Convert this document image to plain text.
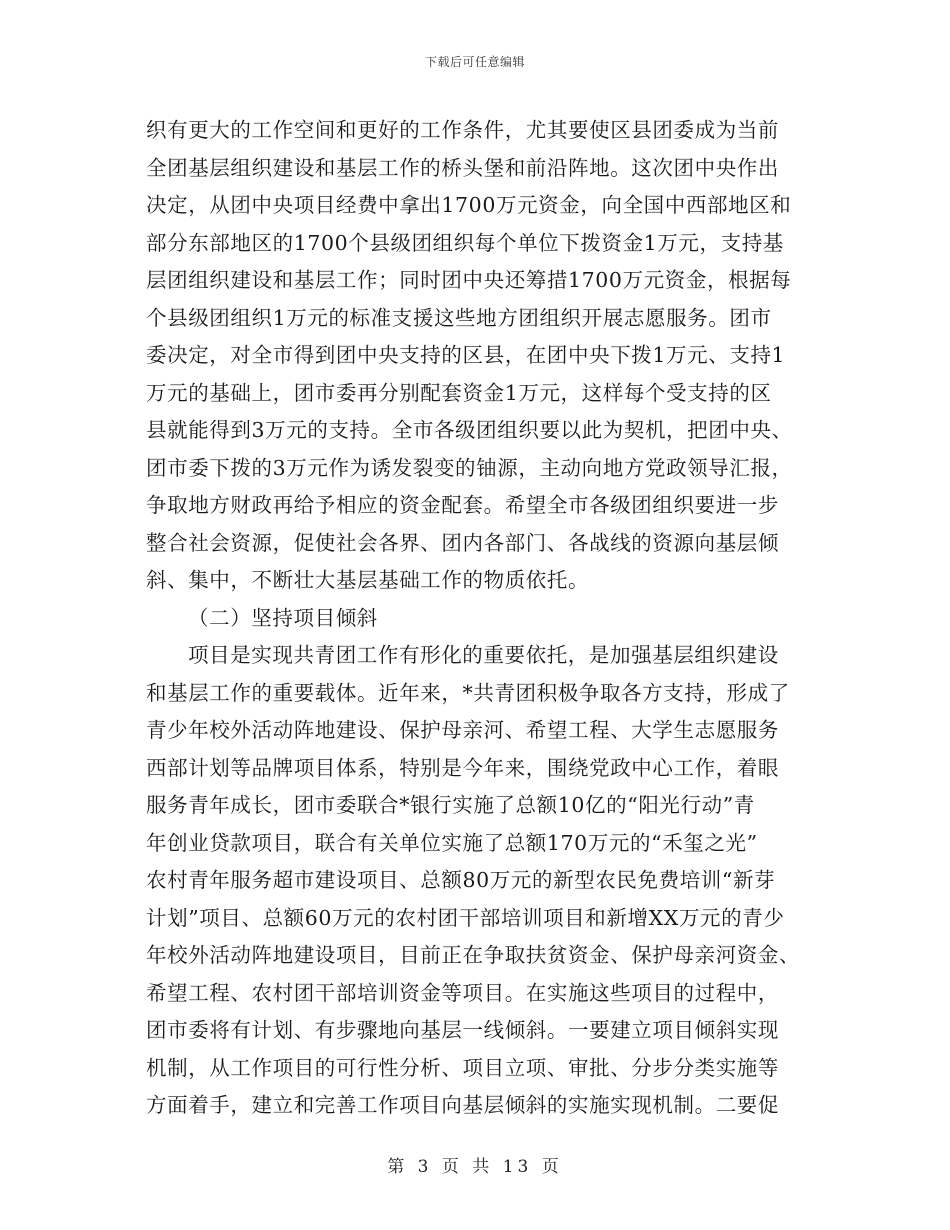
下载后可任意编辑
织有更大的工作空间和更好的工作条件，尤其要使区县团委成为当前
全团基层组织建设和基层工作的桥头堡和前沿阵地。这次团中央作出
决定，从团中央项目经费中拿出1700万元资金，向全国中西部地区和
部分东部地区的1700个县级团组织每个单位下拨资金1万元，支持基
层团组织建设和基层工作；同时团中央还筹措1700万元资金，根据每
个县级团组织1万元的标准支援这些地方团组织开展志愿服务。团市
委决定，对全市得到团中央支持的区县，在团中央下拨1万元、支持1
万元的基础上，团市委再分别配套资金1万元，这样每个受支持的区
县就能得到3万元的支持。全市各级团组织要以此为契机，把团中央、
团市委下拨的3万元作为诱发裂变的铀源，主动向地方党政领导汇报，
争取地方财政再给予相应的资金配套。希望全市各级团组织要进一步
整合社会资源，促使社会各界、团内各部门、各战线的资源向基层倾
斜、集中，不断壮大基层基础工作的物质依托。
（二）坚持项目倾斜
项目是实现共青团工作有形化的重要依托，是加强基层组织建设
和基层工作的重要载体。近年来，*共青团积极争取各方支持，形成了
青少年校外活动阵地建设、保护母亲河、希望工程、大学生志愿服务
西部计划等品牌项目体系，特别是今年来，围绕党政中心工作，着眼
服务青年成长，团市委联合*银行实施了总额10亿的“阳光行动”青
年创业贷款项目，联合有关单位实施了总额170万元的“禾玺之光”
农村青年服务超市建设项目、总额80万元的新型农民免费培训“新芽
计划”项目、总额60万元的农村团干部培训项目和新增XX万元的青少
年校外活动阵地建设项目，目前正在争取扶贫资金、保护母亲河资金、
希望工程、农村团干部培训资金等项目。在实施这些项目的过程中，
团市委将有计划、有步骤地向基层一线倾斜。一要建立项目倾斜实现
机制，从工作项目的可行性分析、项目立项、审批、分步分类实施等
方面着手，建立和完善工作项目向基层倾斜的实施实现机制。二要促
第 3 页 共 13 页
